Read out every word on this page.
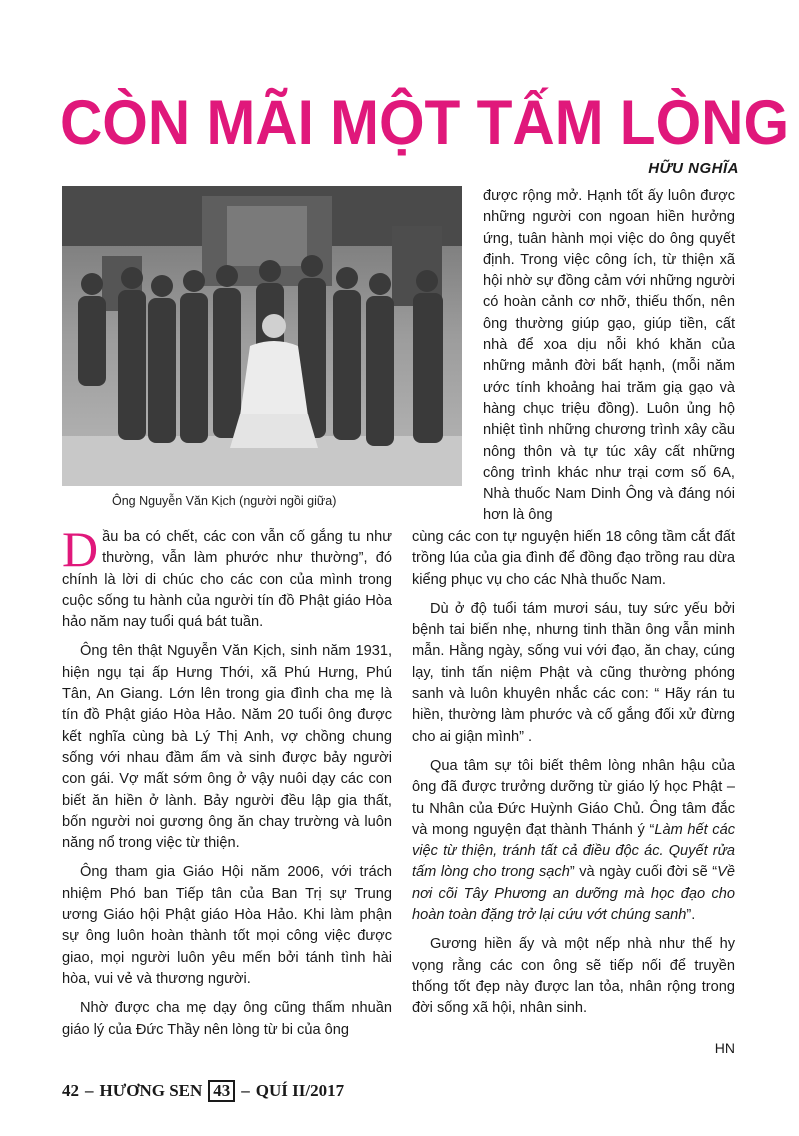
CÒN MÃI MỘT TẤM LÒNG
HỮU NGHĨA
Ông Nguyễn Văn Kịch (người ngồi giữa)

được rộng mở. Hạnh tốt ấy luôn được những người con ngoan hiền hưởng ứng, tuân hành mọi việc do ông quyết định. Trong việc công ích, từ thiện xã hội nhờ sự đồng cảm với những người có hoàn cảnh cơ nhỡ, thiếu thốn, nên ông thường giúp gạo, giúp tiền, cất nhà để xoa dịu nỗi khó khăn của những mảnh đời bất hạnh, (mỗi năm ước tính khoảng hai trăm giạ gạo và hàng chục triệu đồng). Luôn ủng hộ nhiệt tình những chương trình xây cầu nông thôn và tự túc xây cất những công trình khác như trại cơm số 6A, Nhà thuốc Nam Dinh Ông và đáng nói hơn là ông

Dầu ba có chết, các con vẫn cố gắng tu như thường, vẫn làm phước như thường”, đó chính là lời di chúc cho các con của mình trong cuộc sống tu hành của người tín đồ Phật giáo Hòa hảo năm nay tuổi quá bát tuần.

Ông tên thật Nguyễn Văn Kịch, sinh năm 1931, hiện ngụ tại ấp Hưng Thới, xã Phú Hưng, Phú Tân, An Giang. Lớn lên trong gia đình cha mẹ là tín đồ Phật giáo Hòa Hảo. Năm 20 tuổi ông được kết nghĩa cùng bà Lý Thị Anh, vợ chồng chung sống với nhau đầm ấm và sinh được bảy người con gái. Vợ mất sớm ông ở vậy nuôi dạy các con biết ăn hiền ở lành. Bảy người đều lập gia thất, bốn người noi gương ông ăn chay trường và luôn năng nổ trong việc từ thiện.

Ông tham gia Giáo Hội năm 2006, với trách nhiệm Phó ban Tiếp tân của Ban Trị sự Trung ương Giáo hội Phật giáo Hòa Hảo. Khi làm phận sự ông luôn hoàn thành tốt mọi công việc được giao, mọi người luôn yêu mến bởi tánh tình hài hòa, vui vẻ và thương người.

Nhờ được cha mẹ dạy ông cũng thấm nhuần giáo lý của Đức Thầy nên lòng từ bi của ông

cùng các con tự nguyện hiến 18 công tầm cắt đất trồng lúa của gia đình để đồng đạo trồng rau dừa kiểng phục vụ cho các Nhà thuốc Nam.

Dù ở độ tuổi tám mươi sáu, tuy sức yếu bởi bệnh tai biến nhẹ, nhưng tinh thần ông vẫn minh mẫn. Hằng ngày, sống vui với đạo, ăn chay, cúng lạy, tinh tấn niệm Phật và cũng thường phóng sanh và luôn khuyên nhắc các con: “ Hãy rán tu hiền, thường làm phước và cố gắng đối xử đừng cho ai giận mình” .

Qua tâm sự tôi biết thêm lòng nhân hậu của ông đã được trưởng dưỡng từ giáo lý học Phật – tu Nhân của Đức Huỳnh Giáo Chủ. Ông tâm đắc và mong nguyện đạt thành Thánh ý “Làm hết các việc từ thiện, tránh tất cả điều độc ác. Quyết rửa tấm lòng cho trong sạch” và ngày cuối đời sẽ “Về nơi cõi Tây Phương an dưỡng mà học đạo cho hoàn toàn đặng trở lại cứu vớt chúng sanh”.

Gương hiền ấy và một nếp nhà như thế hy vọng rằng các con ông sẽ tiếp nối để truyền thống tốt đẹp này được lan tỏa, nhân rộng trong đời sống xã hội, nhân sinh.

HN
42 – HƯƠNG SEN 43 – QUÍ II/2017
